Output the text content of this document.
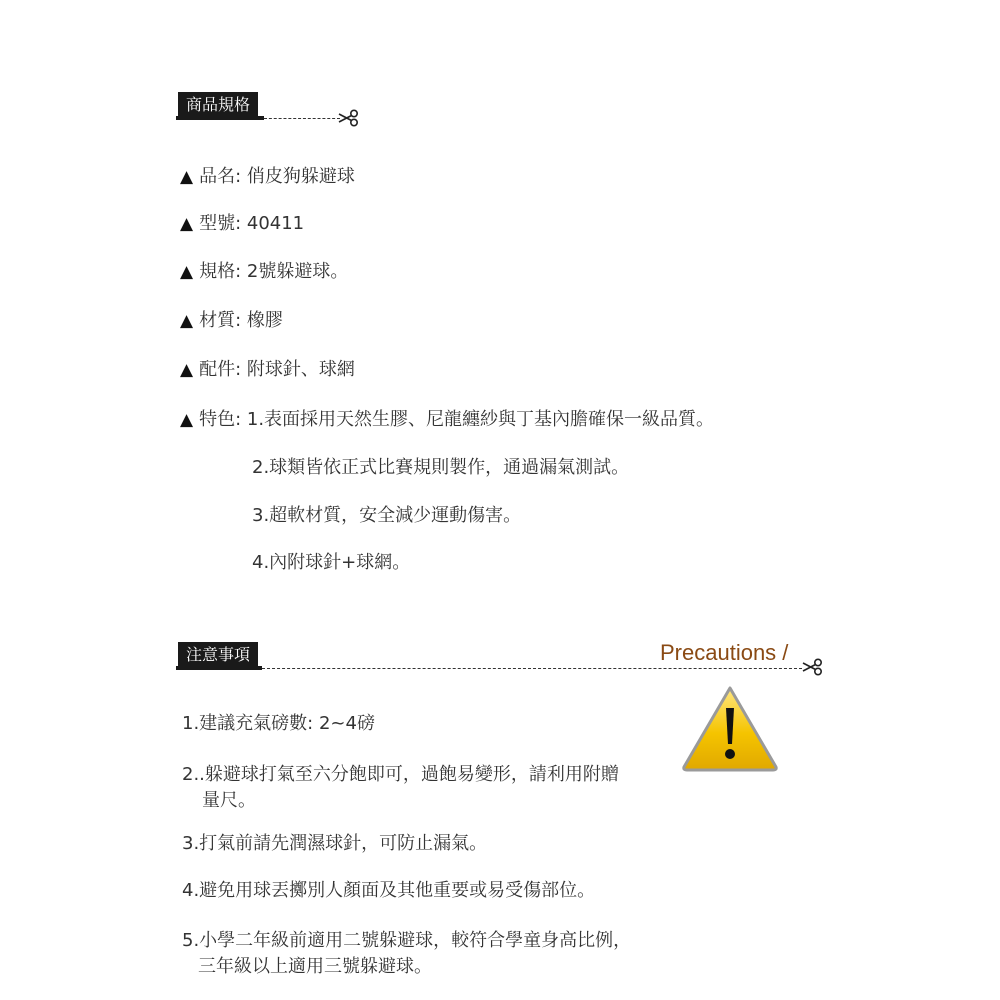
商品規格
▲ 品名: 俏皮狗躲避球
▲ 型號: 40411
▲ 規格: 2號躲避球。
▲ 材質: 橡膠
▲ 配件: 附球針、球網
▲ 特色: 1.表面採用天然生膠、尼龍纏紗與丁基內膽確保一級品質。
2.球類皆依正式比賽規則製作，通過漏氣測試。
3.超軟材質，安全減少運動傷害。
4.內附球針+球網。
注意事項	Precautions /
1.建議充氣磅數: 2~4磅
2..躲避球打氣至六分飽即可，過飽易變形，請利用附贈
量尺。
3.打氣前請先潤濕球針，可防止漏氣。
4.避免用球丟擲別人顏面及其他重要或易受傷部位。
5.小學二年級前適用二號躲避球，較符合學童身高比例，
三年級以上適用三號躲避球。
